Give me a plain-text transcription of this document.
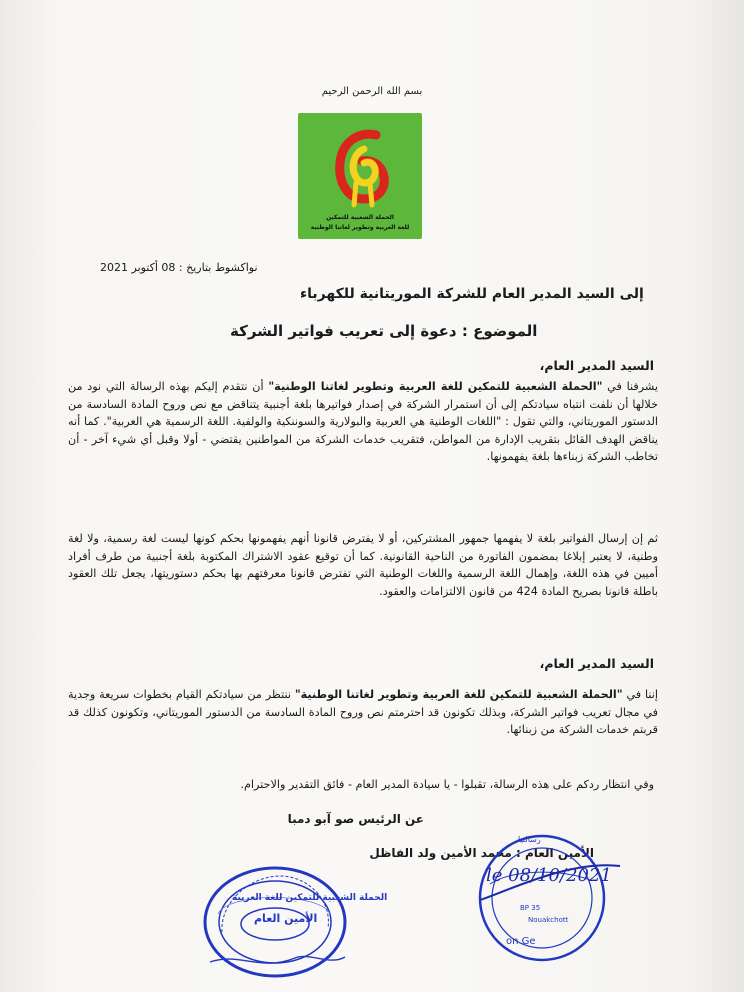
بسم الله الرحمن الرحيم
الحملة الشعبية للتمكين
للغة العربية وتطوير لغاتنا الوطنية
نواكشوط بتاريخ : 08 أكتوبر 2021
إلى السيد المدير العام للشركة الموريتانية للكهرباء
الموضوع : دعوة إلى تعريب فواتير الشركة
السيد المدير العام،

يشرفنا في "الحملة الشعبية للتمكين للغة العربية وتطوير لغاتنا الوطنية" أن نتقدم إليكم بهذه الرسالة التي نود من خلالها أن نلفت انتباه سيادتكم إلى أن استمرار الشركة في إصدار فواتيرها بلغة أجنبية يتناقض مع نص وروح المادة السادسة من الدستور الموريتاني، والتي تقول : "اللغات الوطنية هي العربية والبولارية والسوننكية والولفية. اللغة الرسمية هي العربية". كما أنه يناقض الهدف القائل بتقريب الإدارة من المواطن، فتقريب خدمات الشركة من المواطنين يقتضي - أولا وقبل أي شيء آخر - أن تخاطب الشركة زبناءها بلغة يفهمونها.

ثم إن إرسال الفواتير بلغة لا يفهمها جمهور المشتركين، أو لا يفترض قانونا أنهم يفهمونها بحكم كونها ليست لغة رسمية، ولا لغة وطنية، لا يعتبر إبلاغا بمضمون الفاتورة من الناحية القانونية. كما أن توقيع عقود الاشتراك المكتوبة بلغة أجنبية من طرف أفراد أميين في هذه اللغة، وإهمال اللغة الرسمية واللغات الوطنية التي تفترض قانونا معرفتهم بها بحكم دستوريتها، يجعل تلك العقود باطلة قانونا بصريح المادة 424 من قانون الالتزامات والعقود.

السيد المدير العام،

إننا في "الحملة الشعبية للتمكين للغة العربية وتطوير لغاتنا الوطنية" ننتظر من سيادتكم القيام بخطوات سريعة وجدية في مجال تعريب فواتير الشركة، وبذلك تكونون قد احترمتم نص وروح المادة السادسة من الدستور الموريتاني، وتكونون كذلك قد قربتم خدمات الشركة من زبنائها.

وفي انتظار ردكم على هذه الرسالة، تقبلوا - يا سيادة المدير العام - فائق التقدير والاحترام.
عن الرئيس صو آبو دمبا
الأمين العام : محمد الأمين ولد الفاظل
الحملة الشعبية للتمكين للغة العربية
الأمين العام
رسالتيا
le 08/10/2021
BP 35
Nouakchott
on Ge
